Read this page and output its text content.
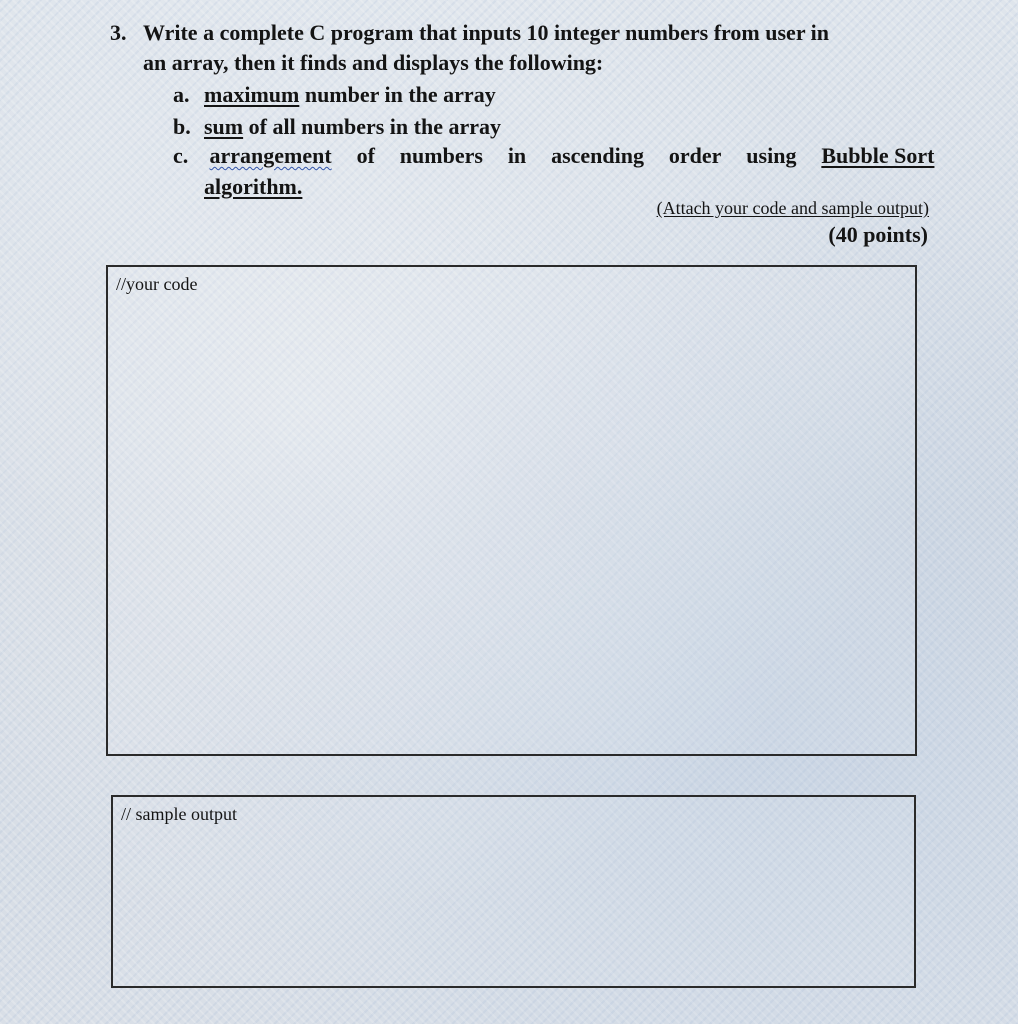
3. Write a complete C program that inputs 10 integer numbers from user in
an array, then it finds and displays the following:
a. maximum number in the array
b. sum of all numbers in the array
c. arrangement of numbers in ascending order using Bubble Sort
algorithm.
(Attach your code and sample output)
(40 points)
//your code
// sample output
